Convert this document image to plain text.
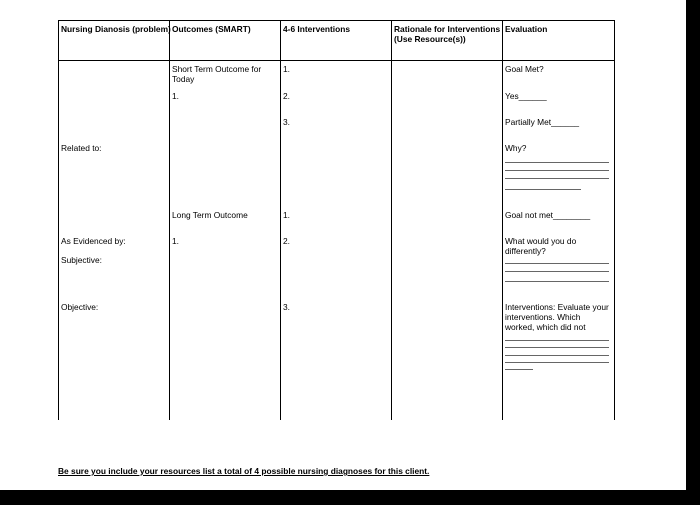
Nursing Dianosis (problem) Outcomes (SMART)	4-6 Interventions	Rationale for Interventions (Use Resource(s))
Evaluation
Related to:
As Evidenced by:
Subjective:
Objective:
Short Term Outcome for Today
1.
Long Term Outcome
1.
1.
2.
3.
1.
2.
3.
Goal Met?
Yes______
Partially Met______
Why?
Goal not met________
What would you do differently?
Interventions: Evaluate your interventions. Which worked, which did not
Be sure you include your resources list a total of 4 possible nursing diagnoses for this client.
